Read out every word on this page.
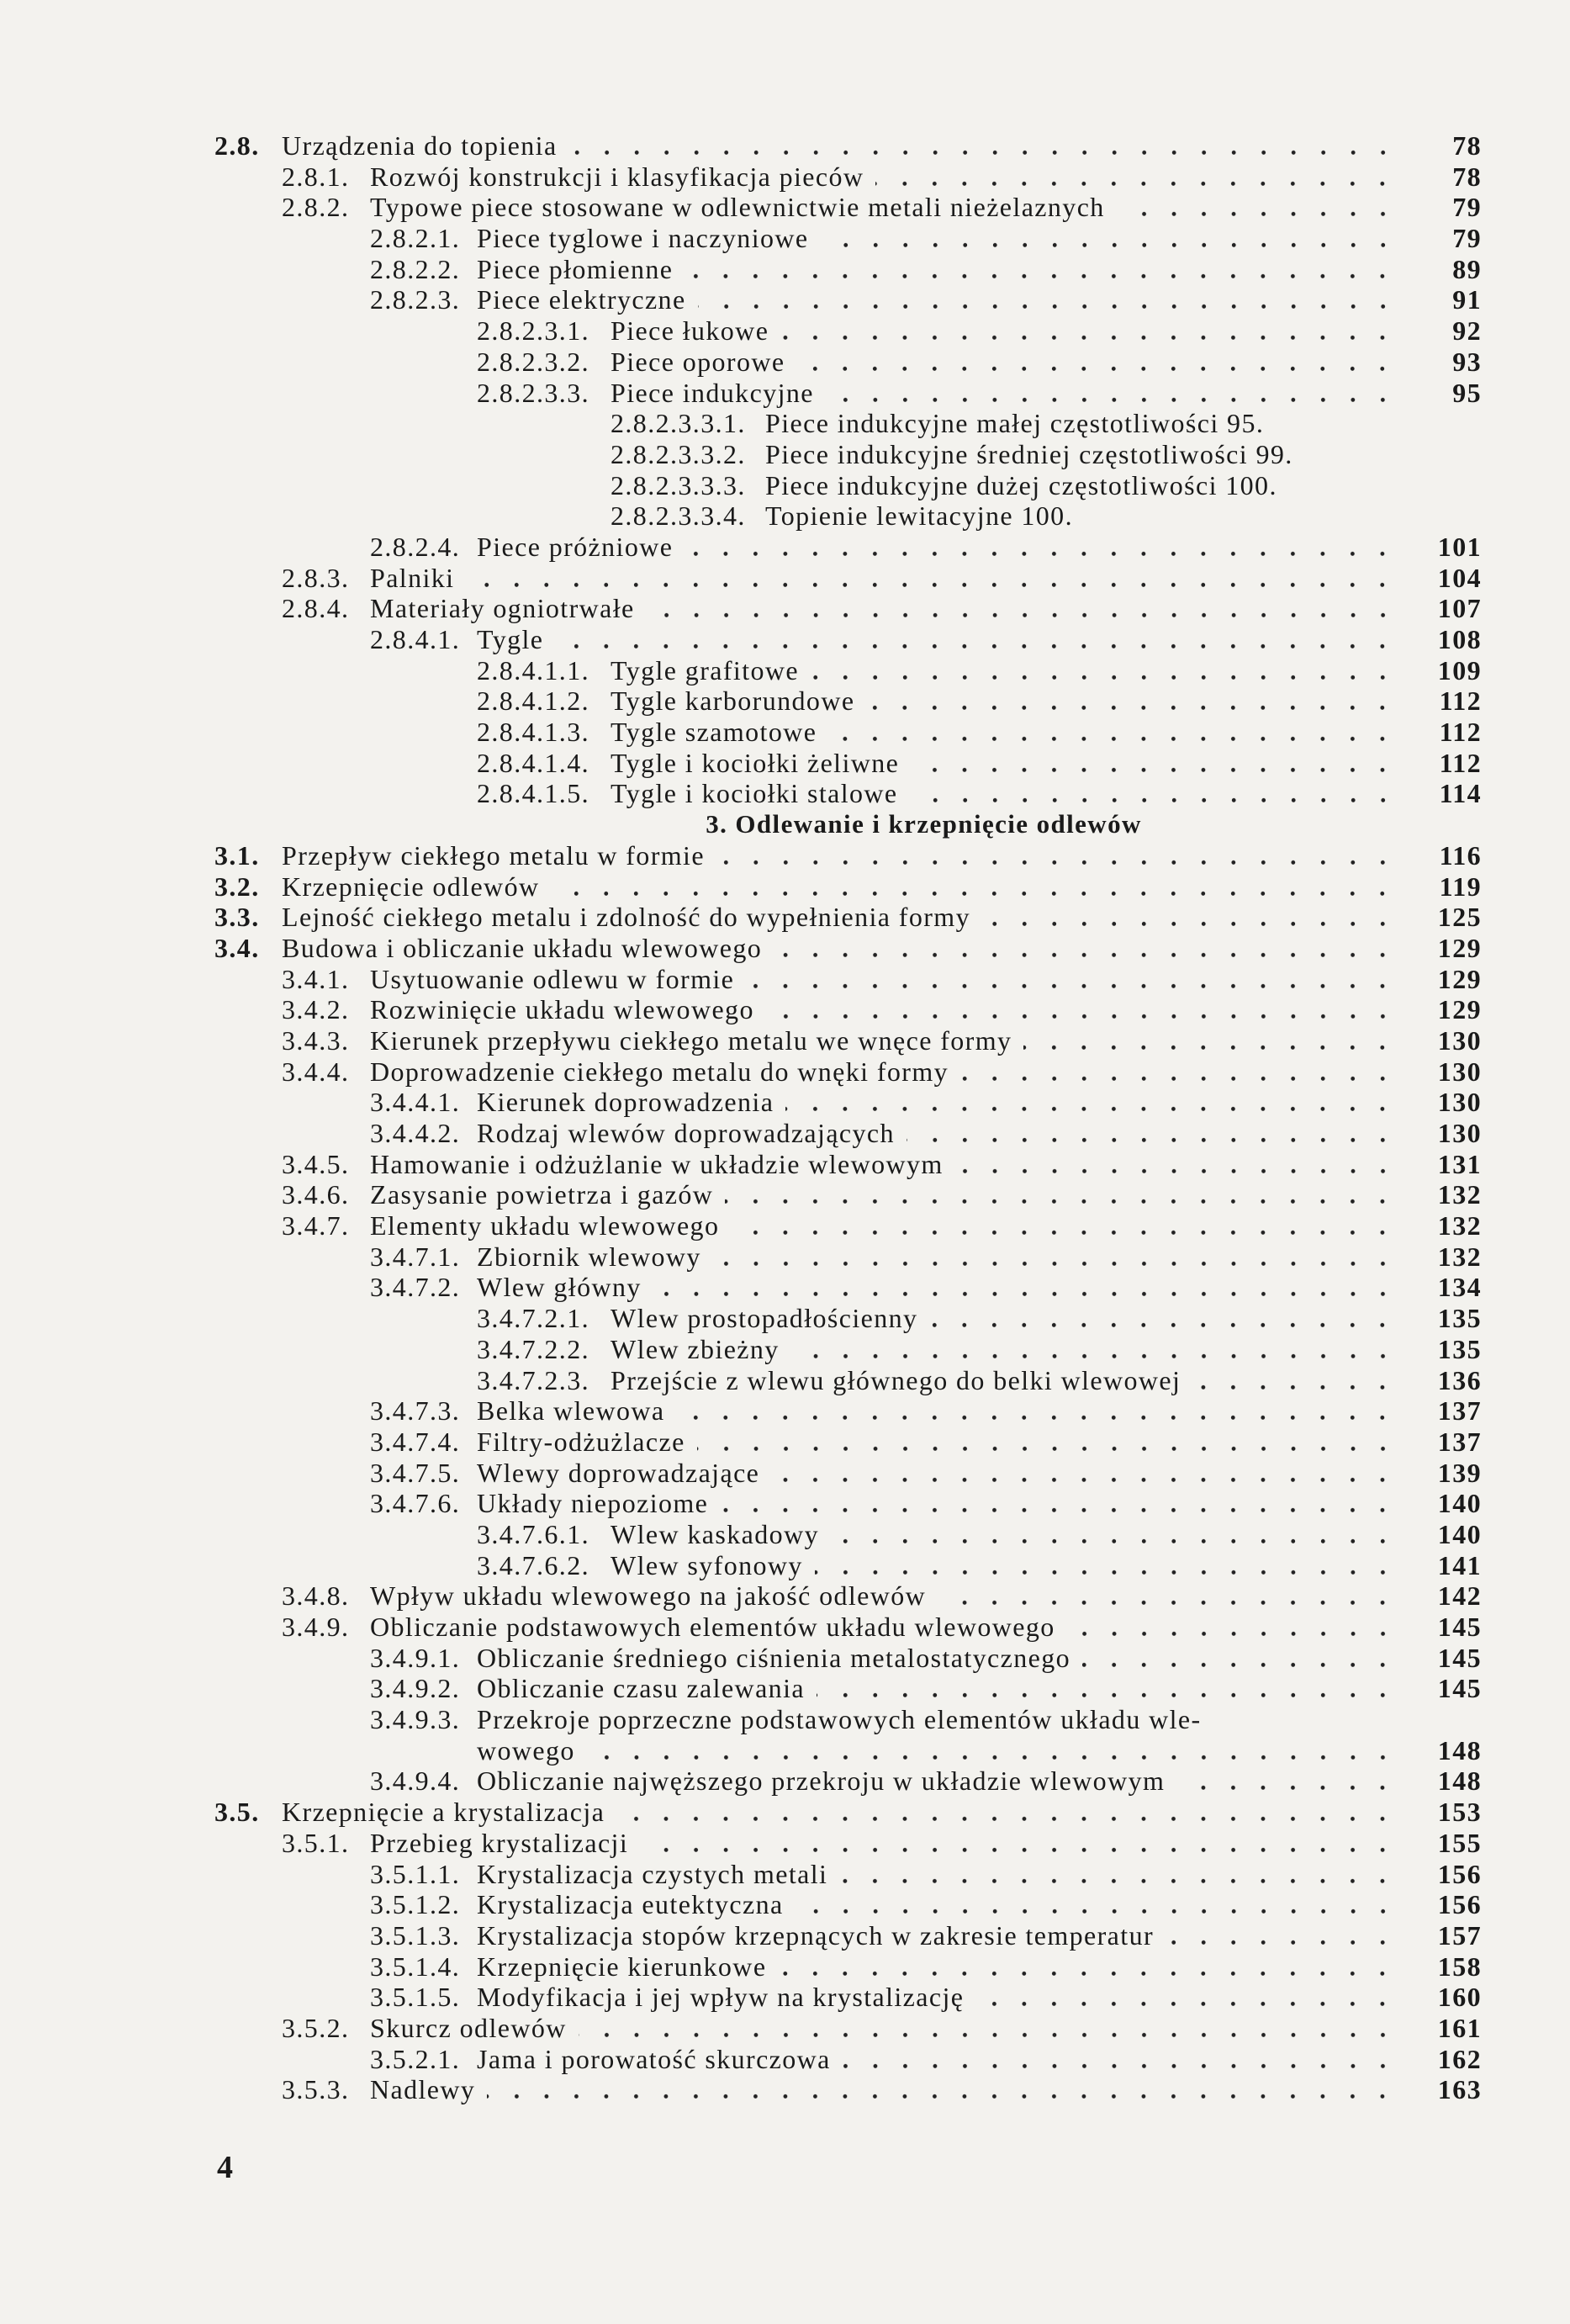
2.8. Urządzenia do topienia	78
2.8.1. Rozwój konstrukcji i klasyfikacja pieców	78
2.8.2. Typowe piece stosowane w odlewnictwie metali nieżelaznych	79
2.8.2.1. Piece tyglowe i naczyniowe	79
2.8.2.2. Piece płomienne	89
2.8.2.3. Piece elektryczne	91
2.8.2.3.1. Piece łukowe	92
2.8.2.3.2. Piece oporowe	93
2.8.2.3.3. Piece indukcyjne	95
2.8.2.3.3.1. Piece indukcyjne małej częstotliwości 95.
2.8.2.3.3.2. Piece indukcyjne średniej częstotliwości 99.
2.8.2.3.3.3. Piece indukcyjne dużej częstotliwości 100.
2.8.2.3.3.4. Topienie lewitacyjne 100.
2.8.2.4. Piece próżniowe	101
2.8.3. Palniki	104
2.8.4. Materiały ogniotrwałe	107
2.8.4.1. Tygle	108
2.8.4.1.1. Tygle grafitowe	109
2.8.4.1.2. Tygle karborundowe	112
2.8.4.1.3. Tygle szamotowe	112
2.8.4.1.4. Tygle i kociołki żeliwne	112
2.8.4.1.5. Tygle i kociołki stalowe	114
3. Odlewanie i krzepnięcie odlewów
3.1. Przepływ ciekłego metalu w formie	116
3.2. Krzepnięcie odlewów	119
3.3. Lejność ciekłego metalu i zdolność do wypełnienia formy	125
3.4. Budowa i obliczanie układu wlewowego	129
3.4.1. Usytuowanie odlewu w formie	129
3.4.2. Rozwinięcie układu wlewowego	129
3.4.3. Kierunek przepływu ciekłego metalu we wnęce formy	130
3.4.4. Doprowadzenie ciekłego metalu do wnęki formy	130
3.4.4.1. Kierunek doprowadzenia	130
3.4.4.2. Rodzaj wlewów doprowadzających	130
3.4.5. Hamowanie i odżużlanie w układzie wlewowym	131
3.4.6. Zasysanie powietrza i gazów	132
3.4.7. Elementy układu wlewowego	132
3.4.7.1. Zbiornik wlewowy	132
3.4.7.2. Wlew główny	134
3.4.7.2.1. Wlew prostopadłościenny	135
3.4.7.2.2. Wlew zbieżny	135
3.4.7.2.3. Przejście z wlewu głównego do belki wlewowej	136
3.4.7.3. Belka wlewowa	137
3.4.7.4. Filtry-odżużlacze	137
3.4.7.5. Wlewy doprowadzające	139
3.4.7.6. Układy niepoziome	140
3.4.7.6.1. Wlew kaskadowy	140
3.4.7.6.2. Wlew syfonowy	141
3.4.8. Wpływ układu wlewowego na jakość odlewów	142
3.4.9. Obliczanie podstawowych elementów układu wlewowego	145
3.4.9.1. Obliczanie średniego ciśnienia metalostatycznego	145
3.4.9.2. Obliczanie czasu zalewania	145
3.4.9.3. Przekroje poprzeczne podstawowych elementów układu wle-
wowego	148
3.4.9.4. Obliczanie najwęższego przekroju w układzie wlewowym	148
3.5. Krzepnięcie a krystalizacja	153
3.5.1. Przebieg krystalizacji	155
3.5.1.1. Krystalizacja czystych metali	156
3.5.1.2. Krystalizacja eutektyczna	156
3.5.1.3. Krystalizacja stopów krzepnących w zakresie temperatur	157
3.5.1.4. Krzepnięcie kierunkowe	158
3.5.1.5. Modyfikacja i jej wpływ na krystalizację	160
3.5.2. Skurcz odlewów	161
3.5.2.1. Jama i porowatość skurczowa	162
3.5.3. Nadlewy	163
4
